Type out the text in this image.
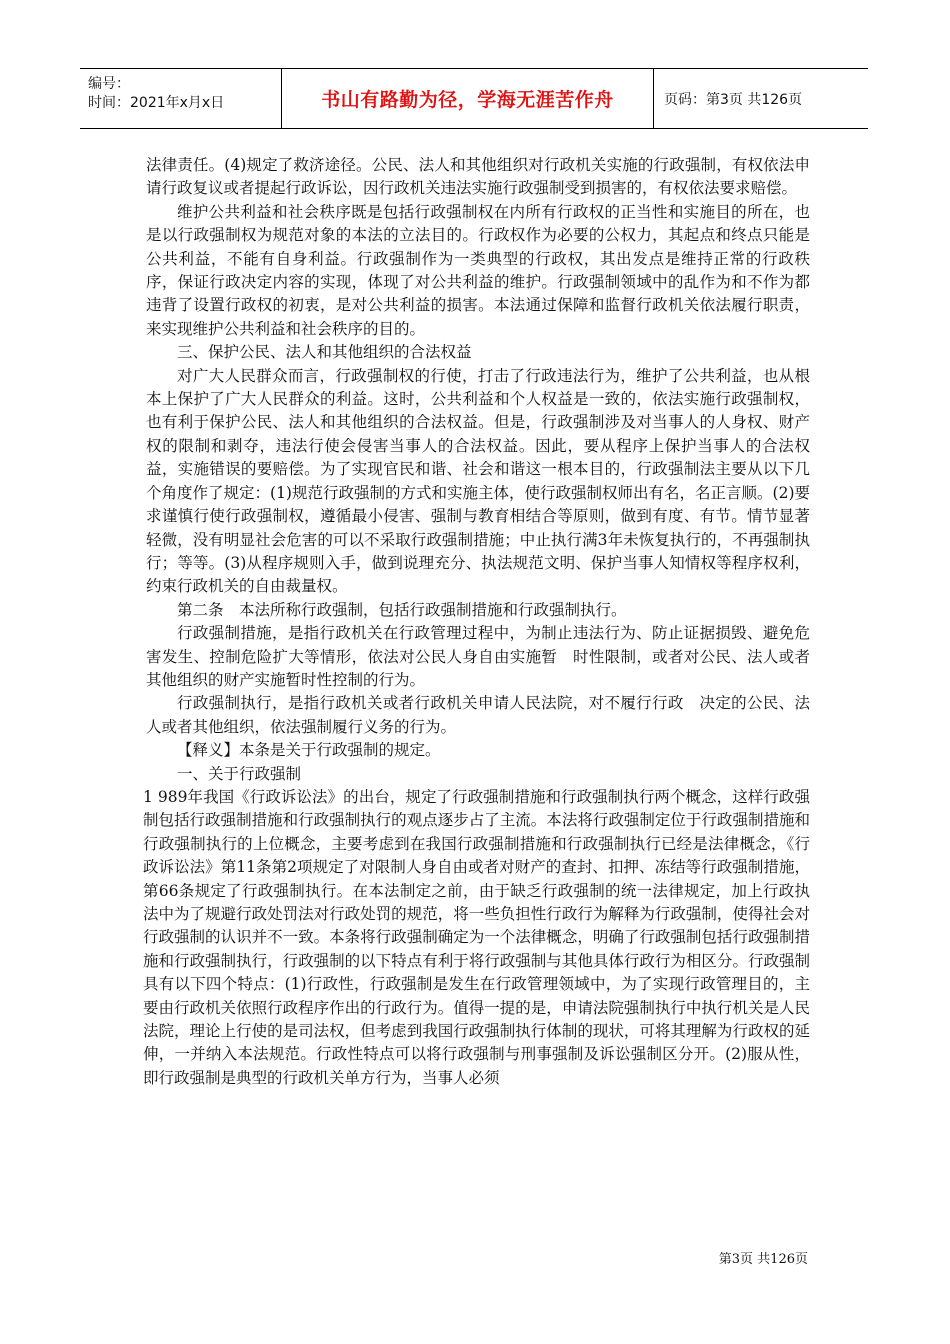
编号：
时间：2021年x月x日	书山有路勤为径，学海无涯苦作舟	页码：第3页 共126页

法律责任。(4)规定了救济途径。公民、法人和其他组织对行政机关实施的行政强制，有权依法申请行政复议或者提起行政诉讼，因行政机关违法实施行政强制受到损害的，有权依法要求赔偿。

维护公共利益和社会秩序既是包括行政强制权在内所有行政权的正当性和实施目的所在，也是以行政强制权为规范对象的本法的立法目的。行政权作为必要的公权力，其起点和终点只能是公共利益，不能有自身利益。行政强制作为一类典型的行政权，其出发点是维持正常的行政秩序，保证行政决定内容的实现，体现了对公共利益的维护。行政强制领域中的乱作为和不作为都违背了设置行政权的初衷，是对公共利益的损害。本法通过保障和监督行政机关依法履行职责，来实现维护公共利益和社会秩序的目的。

三、保护公民、法人和其他组织的合法权益

对广大人民群众而言，行政强制权的行使，打击了行政违法行为，维护了公共利益，也从根本上保护了广大人民群众的利益。这时，公共利益和个人权益是一致的，依法实施行政强制权，也有利于保护公民、法人和其他组织的合法权益。但是，行政强制涉及对当事人的人身权、财产权的限制和剥夺，违法行使会侵害当事人的合法权益。因此，要从程序上保护当事人的合法权益，实施错误的要赔偿。为了实现官民和谐、社会和谐这一根本目的，行政强制法主要从以下几个角度作了规定：(1)规范行政强制的方式和实施主体，使行政强制权师出有名，名正言顺。(2)要求谨慎行使行政强制权，遵循最小侵害、强制与教育相结合等原则，做到有度、有节。情节显著轻微，没有明显社会危害的可以不采取行政强制措施；中止执行满3年未恢复执行的，不再强制执行；等等。(3)从程序规则入手，做到说理充分、执法规范文明、保护当事人知情权等程序权利，约束行政机关的自由裁量权。

第二条　本法所称行政强制，包括行政强制措施和行政强制执行。

行政强制措施，是指行政机关在行政管理过程中，为制止违法行为、防止证据损毁、避免危害发生、控制危险扩大等情形，依法对公民人身自由实施暂　时性限制，或者对公民、法人或者其他组织的财产实施暂时性控制的行为。

行政强制执行，是指行政机关或者行政机关申请人民法院，对不履行行政　决定的公民、法人或者其他组织，依法强制履行义务的行为。

【释义】本条是关于行政强制的规定。

一、关于行政强制

1 989年我国《行政诉讼法》的出台，规定了行政强制措施和行政强制执行两个概念，这样行政强制包括行政强制措施和行政强制执行的观点逐步占了主流。本法将行政强制定位于行政强制措施和行政强制执行的上位概念，主要考虑到在我国行政强制措施和行政强制执行已经是法律概念，《行政诉讼法》第11条第2项规定了对限制人身自由或者对财产的查封、扣押、冻结等行政强制措施，第66条规定了行政强制执行。在本法制定之前，由于缺乏行政强制的统一法律规定，加上行政执法中为了规避行政处罚法对行政处罚的规范，将一些负担性行政行为解释为行政强制，使得社会对行政强制的认识并不一致。本条将行政强制确定为一个法律概念，明确了行政强制包括行政强制措施和行政强制执行，行政强制的以下特点有利于将行政强制与其他具体行政行为相区分。行政强制具有以下四个特点：(1)行政性，行政强制是发生在行政管理领域中，为了实现行政管理目的，主要由行政机关依照行政程序作出的行政行为。值得一提的是，申请法院强制执行中执行机关是人民法院，理论上行使的是司法权，但考虑到我国行政强制执行体制的现状，可将其理解为行政权的延伸，一并纳入本法规范。行政性特点可以将行政强制与刑事强制及诉讼强制区分开。(2)服从性，即行政强制是典型的行政机关单方行为，当事人必须

第3页 共126页
